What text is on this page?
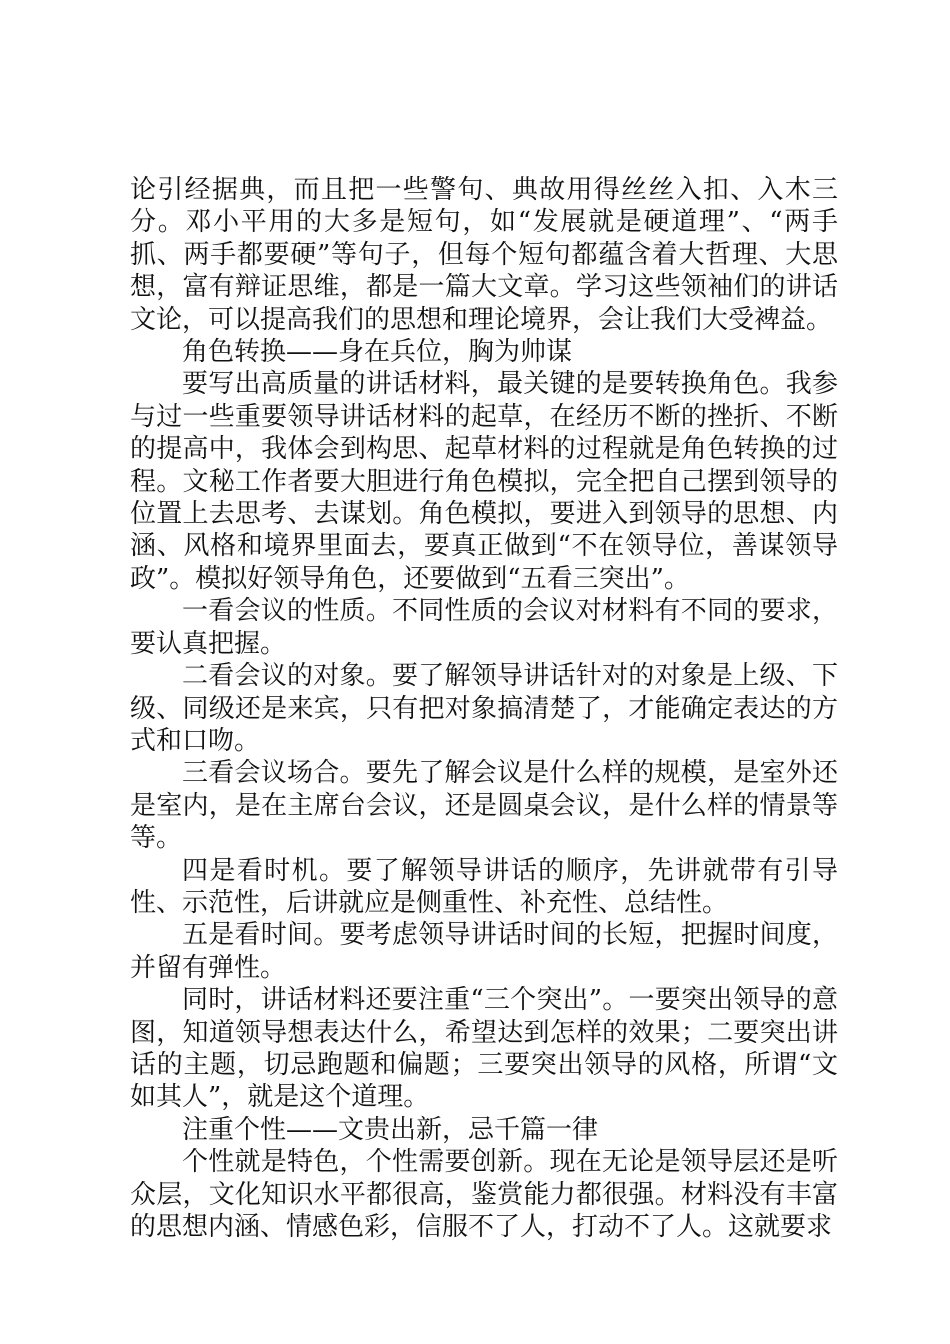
论引经据典，而且把一些警句、典故用得丝丝入扣、入木三分。邓小平用的大多是短句，如“发展就是硬道理”、“两手抓、两手都要硬”等句子，但每个短句都蕴含着大哲理、大思想，富有辩证思维，都是一篇大文章。学习这些领袖们的讲话文论，可以提高我们的思想和理论境界，会让我们大受裨益。

角色转换——身在兵位，胸为帅谋

要写出高质量的讲话材料，最关键的是要转换角色。我参与过一些重要领导讲话材料的起草，在经历不断的挫折、不断的提高中，我体会到构思、起草材料的过程就是角色转换的过程。文秘工作者要大胆进行角色模拟，完全把自己摆到领导的位置上去思考、去谋划。角色模拟，要进入到领导的思想、内涵、风格和境界里面去，要真正做到“不在领导位，善谋领导政”。模拟好领导角色，还要做到“五看三突出”。

一看会议的性质。不同性质的会议对材料有不同的要求，要认真把握。

二看会议的对象。要了解领导讲话针对的对象是上级、下级、同级还是来宾，只有把对象搞清楚了，才能确定表达的方式和口吻。

三看会议场合。要先了解会议是什么样的规模，是室外还是室内，是在主席台会议，还是圆桌会议，是什么样的情景等等。

四是看时机。要了解领导讲话的顺序，先讲就带有引导性、示范性，后讲就应是侧重性、补充性、总结性。

五是看时间。要考虑领导讲话时间的长短，把握时间度，并留有弹性。

同时，讲话材料还要注重“三个突出”。一要突出领导的意图，知道领导想表达什么，希望达到怎样的效果；二要突出讲话的主题，切忌跑题和偏题；三要突出领导的风格，所谓“文如其人”，就是这个道理。

注重个性——文贵出新，忌千篇一律

个性就是特色，个性需要创新。现在无论是领导层还是听众层，文化知识水平都很高，鉴赏能力都很强。材料没有丰富的思想内涵、情感色彩，信服不了人，打动不了人。这就要求
